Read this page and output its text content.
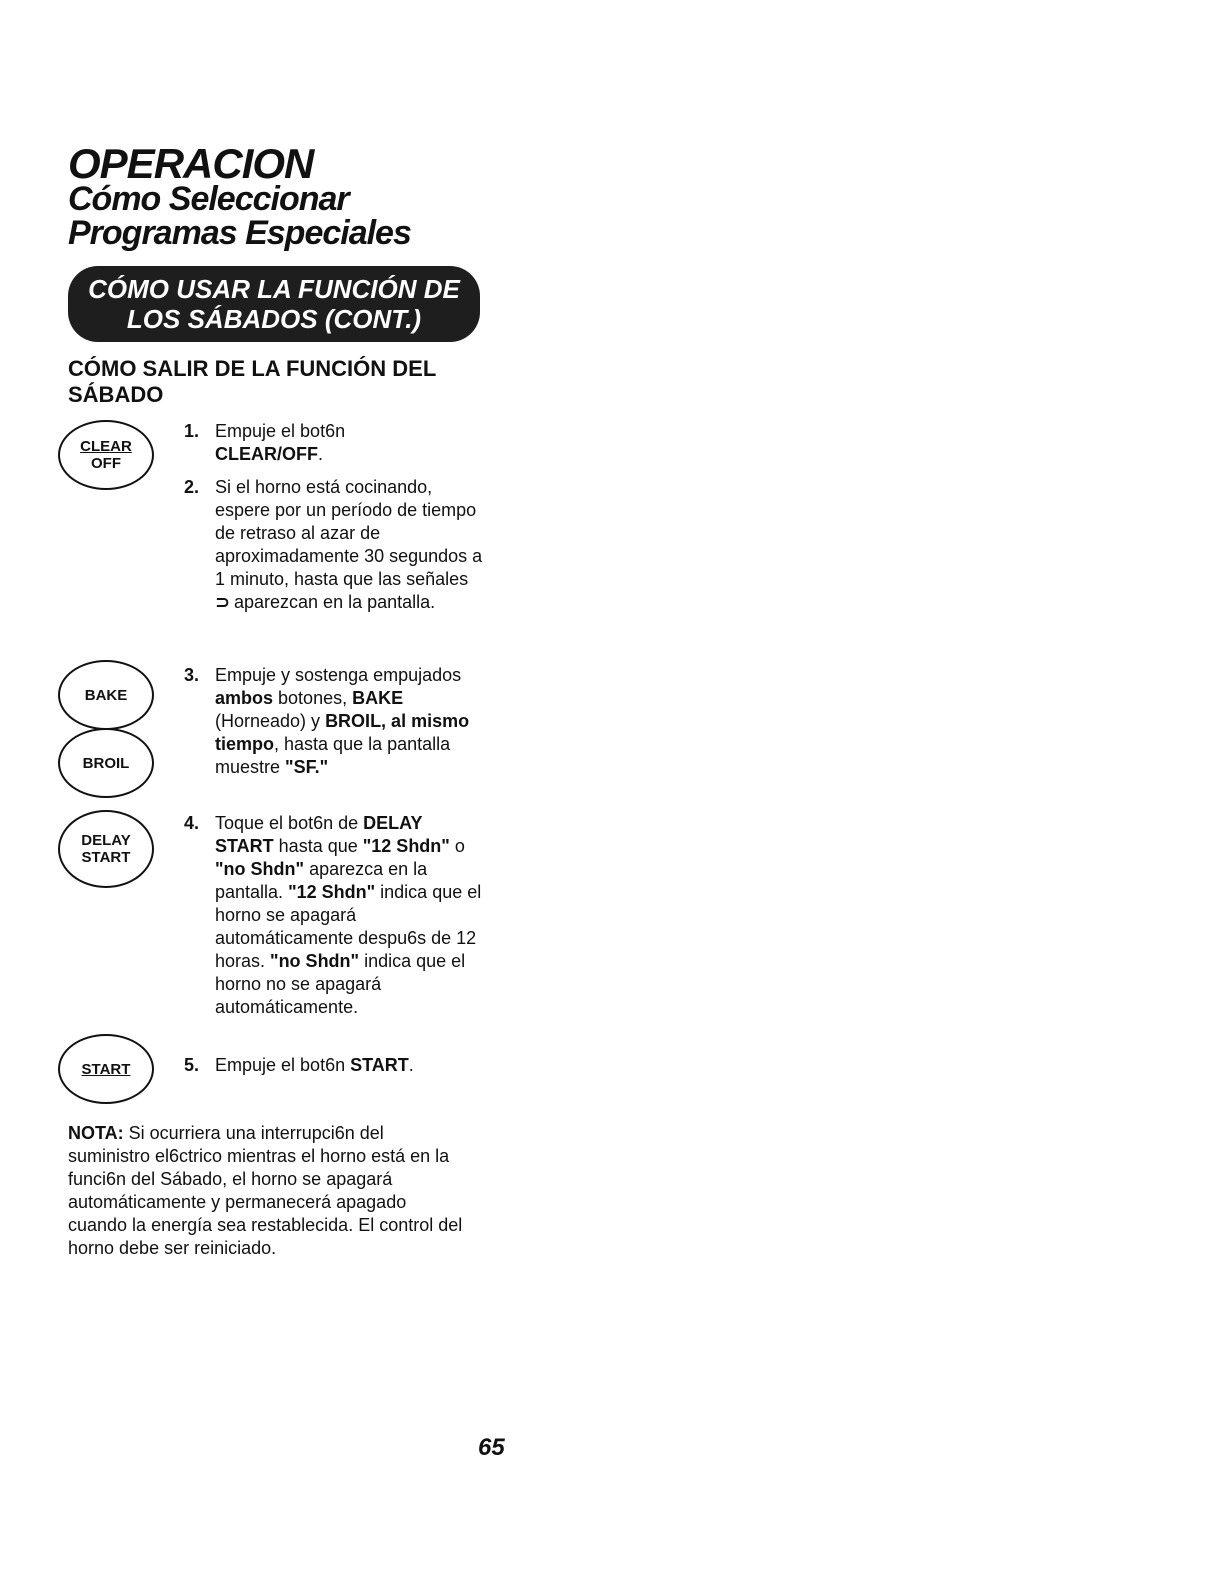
OPERACION
Cómo Seleccionar
Programas Especiales
CÓMO USAR LA FUNCIÓN DE
LOS SÁBADOS (CONT.)
CÓMO SALIR DE LA FUNCIÓN DEL SÁBADO
CLEAR
OFF
BAKE
BROIL
DELAY
START
START
1. Empuje el bot6n
CLEAR/OFF.
2. Si el horno está cocinando, espere por un período de tiempo de retraso al azar de aproximadamente 30 segundos a 1 minuto, hasta que las señales ⊃ aparezcan en la pantalla.
3. Empuje y sostenga empujados ambos botones, BAKE (Horneado) y BROIL, al mismo tiempo, hasta que la pantalla muestre "SF."
4. Toque el bot6n de DELAY START hasta que "12 Shdn" o "no Shdn" aparezca en la pantalla. "12 Shdn" indica que el horno se apagará automáticamente despu6s de 12 horas. "no Shdn" indica que el horno no se apagará automáticamente.
5. Empuje el bot6n START.
NOTA: Si ocurriera una interrupci6n del suministro el6ctrico mientras el horno está en la funci6n del Sábado, el horno se apagará automáticamente y permanecerá apagado cuando la energía sea restablecida. El control del horno debe ser reiniciado.
65
